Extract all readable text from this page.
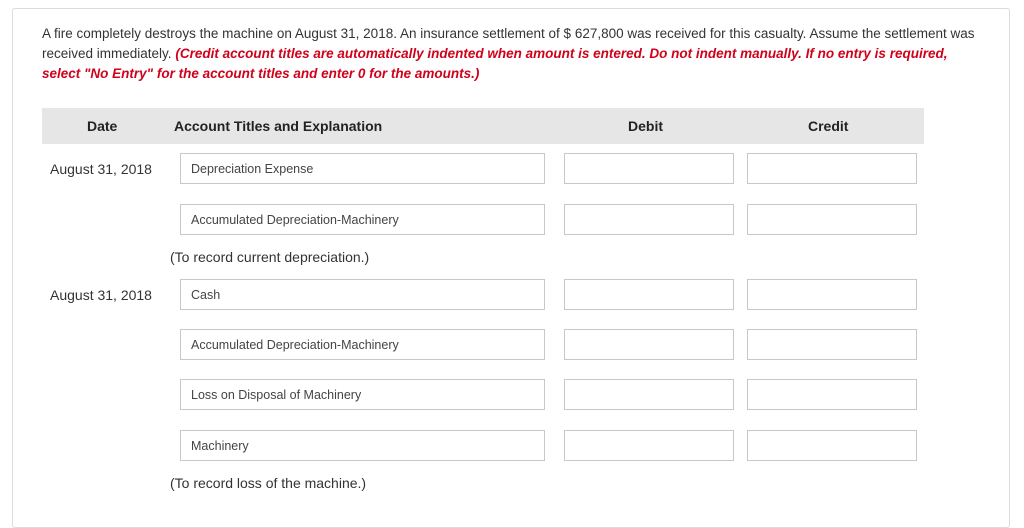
A fire completely destroys the machine on August 31, 2018. An insurance settlement of $ 627,800 was received for this casualty. Assume the settlement was received immediately. (Credit account titles are automatically indented when amount is entered. Do not indent manually. If no entry is required, select "No Entry" for the account titles and enter 0 for the amounts.)
Date	Account Titles and Explanation	Debit	Credit
August 31, 2018	Depreciation Expense
Accumulated Depreciation-Machinery
(To record current depreciation.)
August 31, 2018	Cash
Accumulated Depreciation-Machinery
Loss on Disposal of Machinery
Machinery
(To record loss of the machine.)
